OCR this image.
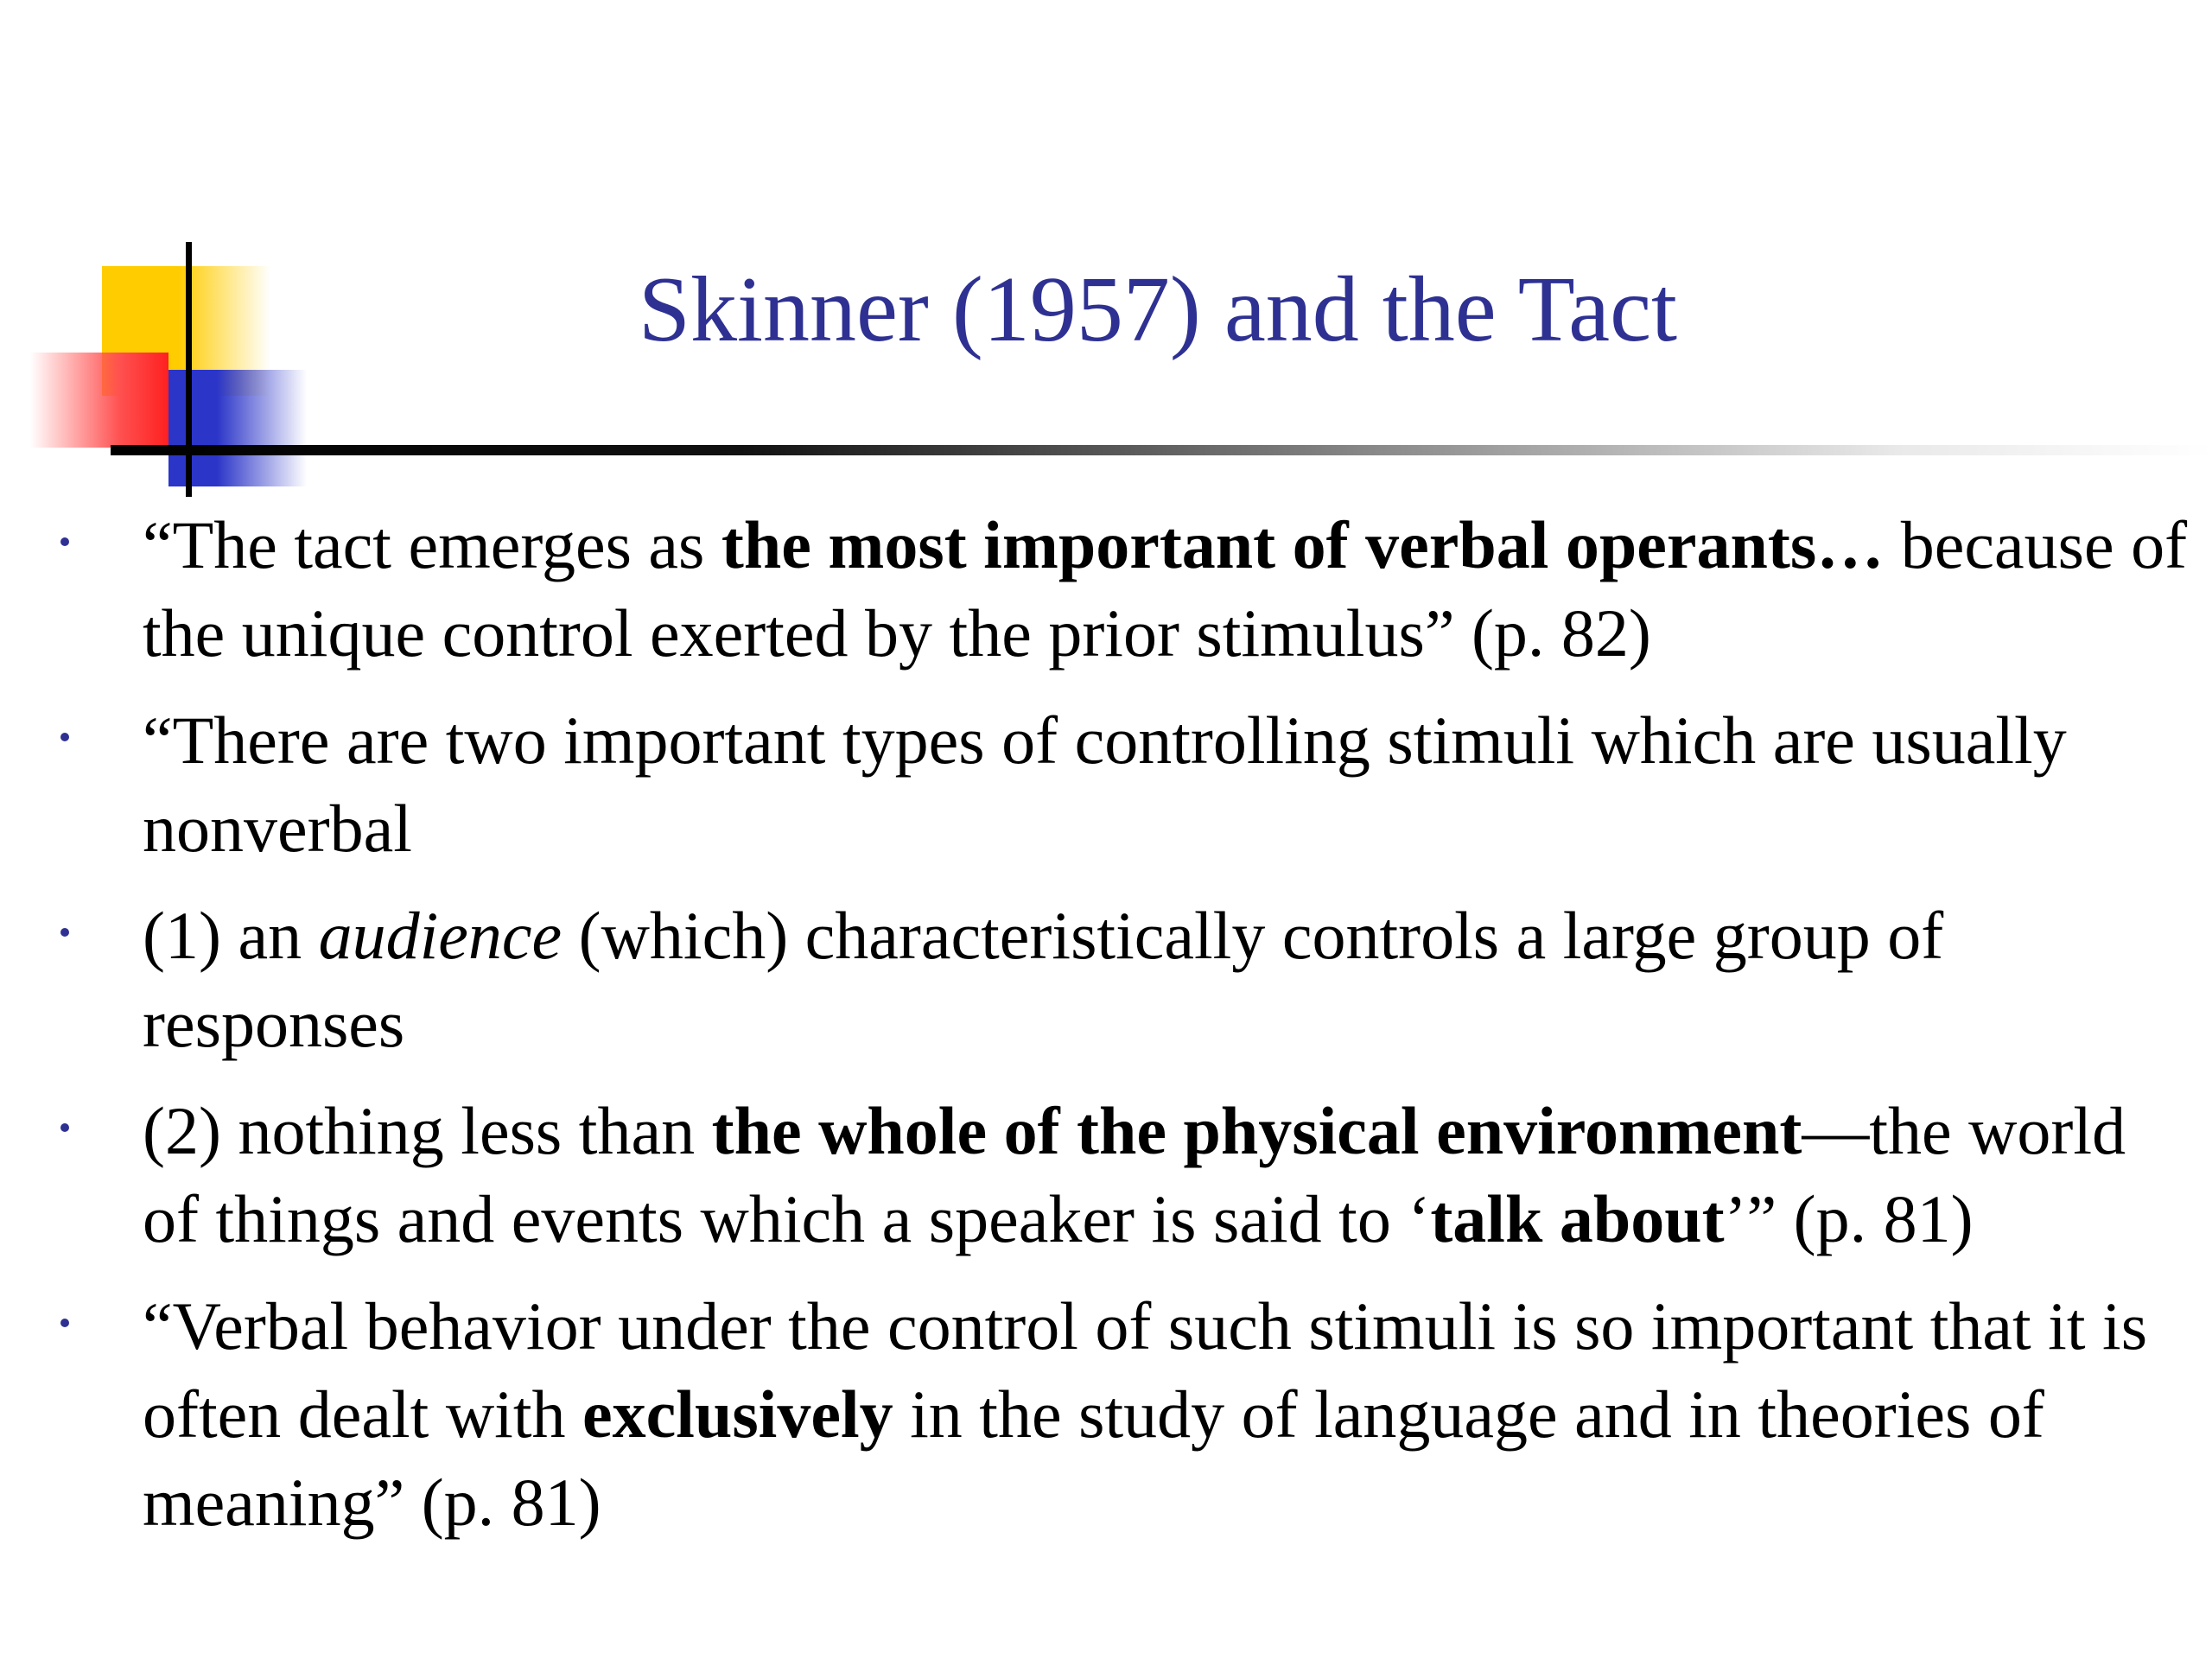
Skinner (1957) and the Tact
“The tact emerges as the most important of verbal operants… because of the unique control exerted by the prior stimulus” (p. 82)
“There are two important types of controlling stimuli which are usually nonverbal
(1) an audience (which) characteristically controls a large group of responses
(2) nothing less than the whole of the physical environment—the world of things and events which a speaker is said to ‘talk about’” (p. 81)
“Verbal behavior under the control of such stimuli is so important that it is often dealt with exclusively in the study of language and in theories of meaning” (p. 81)
